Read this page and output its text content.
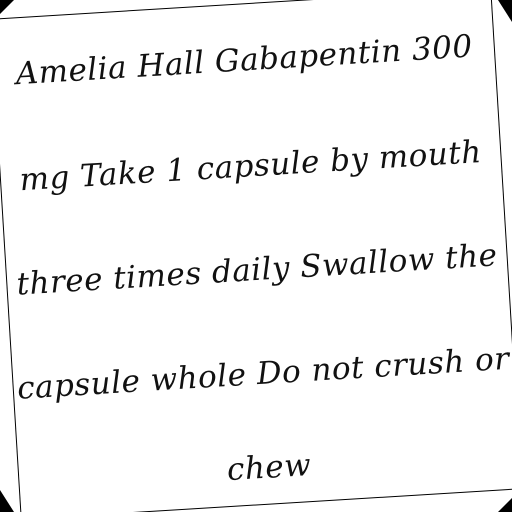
Amelia Hall Gabapentin 300
mg Take 1 capsule by mouth
three times daily Swallow the
capsule whole Do not crush or
chew
